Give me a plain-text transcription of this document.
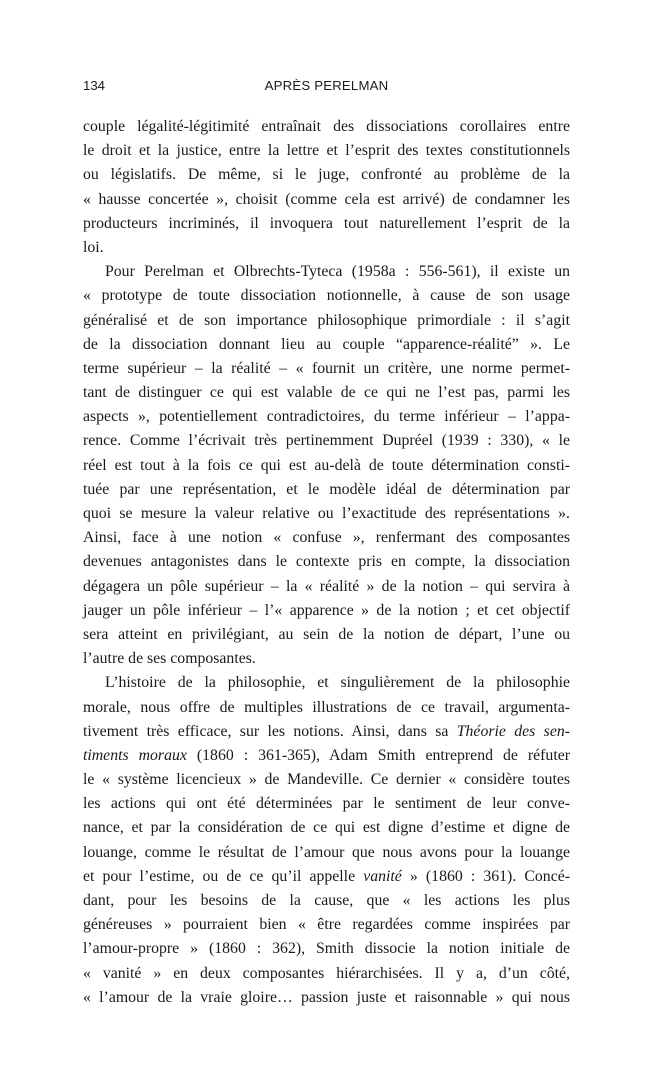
134	APRÈS PERELMAN
couple légalité-légitimité entraînait des dissociations corollaires entre
le droit et la justice, entre la lettre et l’esprit des textes constitutionnels
ou législatifs. De même, si le juge, confronté au problème de la
« hausse concertée », choisit (comme cela est arrivé) de condamner les
producteurs incriminés, il invoquera tout naturellement l’esprit de la
loi.
Pour Perelman et Olbrechts-Tyteca (1958a : 556-561), il existe un
« prototype de toute dissociation notionnelle, à cause de son usage
généralisé et de son importance philosophique primordiale : il s’agit
de la dissociation donnant lieu au couple “apparence-réalité” ». Le
terme supérieur – la réalité – « fournit un critère, une norme permet-
tant de distinguer ce qui est valable de ce qui ne l’est pas, parmi les
aspects », potentiellement contradictoires, du terme inférieur – l’appa-
rence. Comme l’écrivait très pertinemment Dupréel (1939 : 330), « le
réel est tout à la fois ce qui est au-delà de toute détermination consti-
tuée par une représentation, et le modèle idéal de détermination par
quoi se mesure la valeur relative ou l’exactitude des représentations ».
Ainsi, face à une notion « confuse », renfermant des composantes
devenues antagonistes dans le contexte pris en compte, la dissociation
dégagera un pôle supérieur – la « réalité » de la notion – qui servira à
jauger un pôle inférieur – l’« apparence » de la notion ; et cet objectif
sera atteint en privilégiant, au sein de la notion de départ, l’une ou
l’autre de ses composantes.
L’histoire de la philosophie, et singulièrement de la philosophie
morale, nous offre de multiples illustrations de ce travail, argumenta-
tivement très efficace, sur les notions. Ainsi, dans sa Théorie des sen-
timents moraux (1860 : 361-365), Adam Smith entreprend de réfuter
le « système licencieux » de Mandeville. Ce dernier « considère toutes
les actions qui ont été déterminées par le sentiment de leur conve-
nance, et par la considération de ce qui est digne d’estime et digne de
louange, comme le résultat de l’amour que nous avons pour la louange
et pour l’estime, ou de ce qu’il appelle vanité » (1860 : 361). Concé-
dant, pour les besoins de la cause, que « les actions les plus
généreuses » pourraient bien « être regardées comme inspirées par
l’amour-propre » (1860 : 362), Smith dissocie la notion initiale de
« vanité » en deux composantes hiérarchisées. Il y a, d’un côté,
« l’amour de la vraie gloire… passion juste et raisonnable » qui nous
